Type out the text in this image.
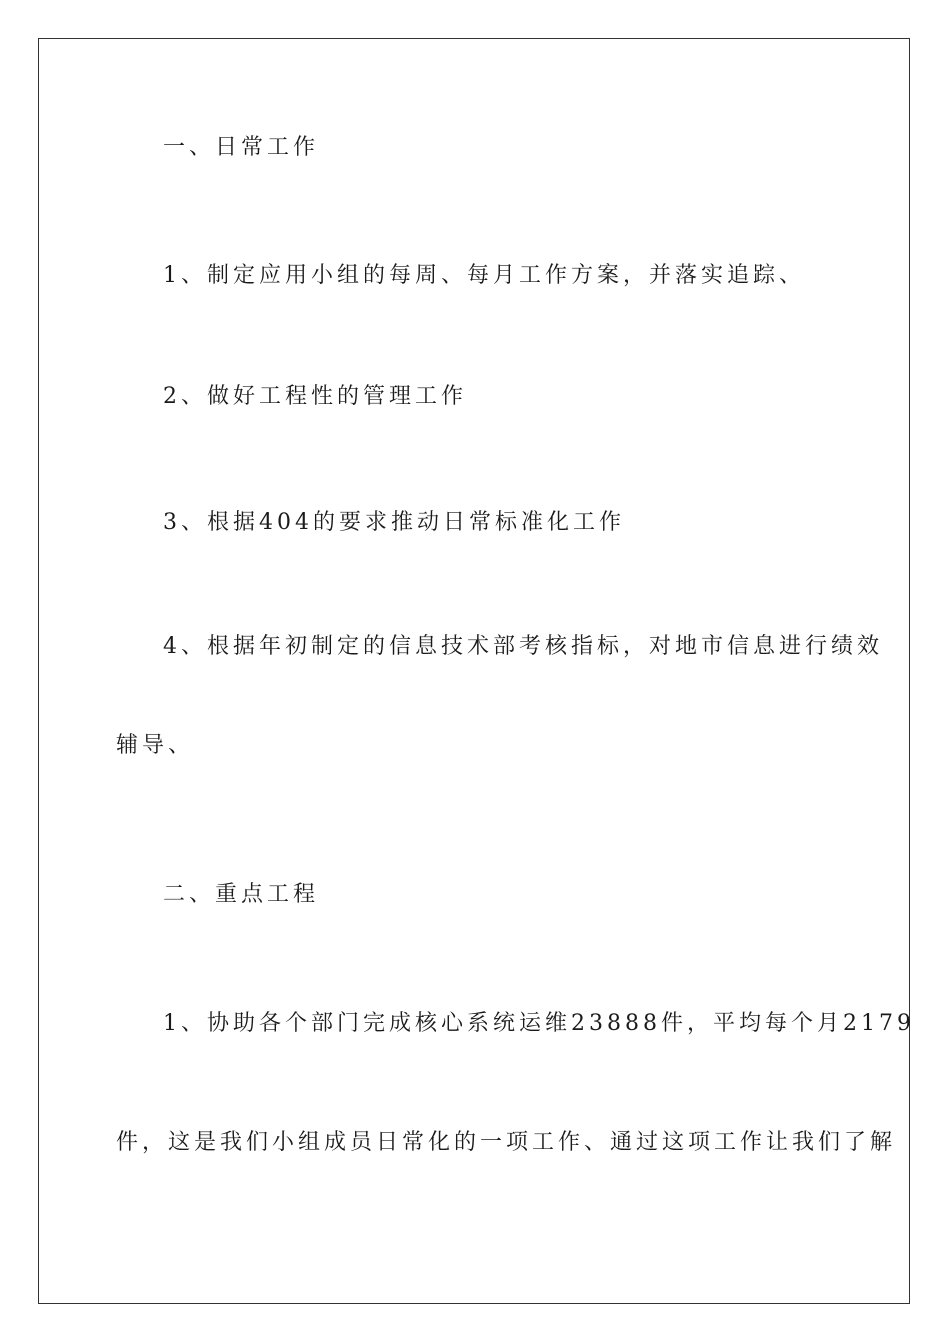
一、日常工作
1、制定应用小组的每周、每月工作方案，并落实追踪、
2、做好工程性的管理工作
3、根据404的要求推动日常标准化工作
4、根据年初制定的信息技术部考核指标，对地市信息进行绩效
辅导、
二、重点工程
1、协助各个部门完成核心系统运维23888件，平均每个月2179
件，这是我们小组成员日常化的一项工作、通过这项工作让我们了解
